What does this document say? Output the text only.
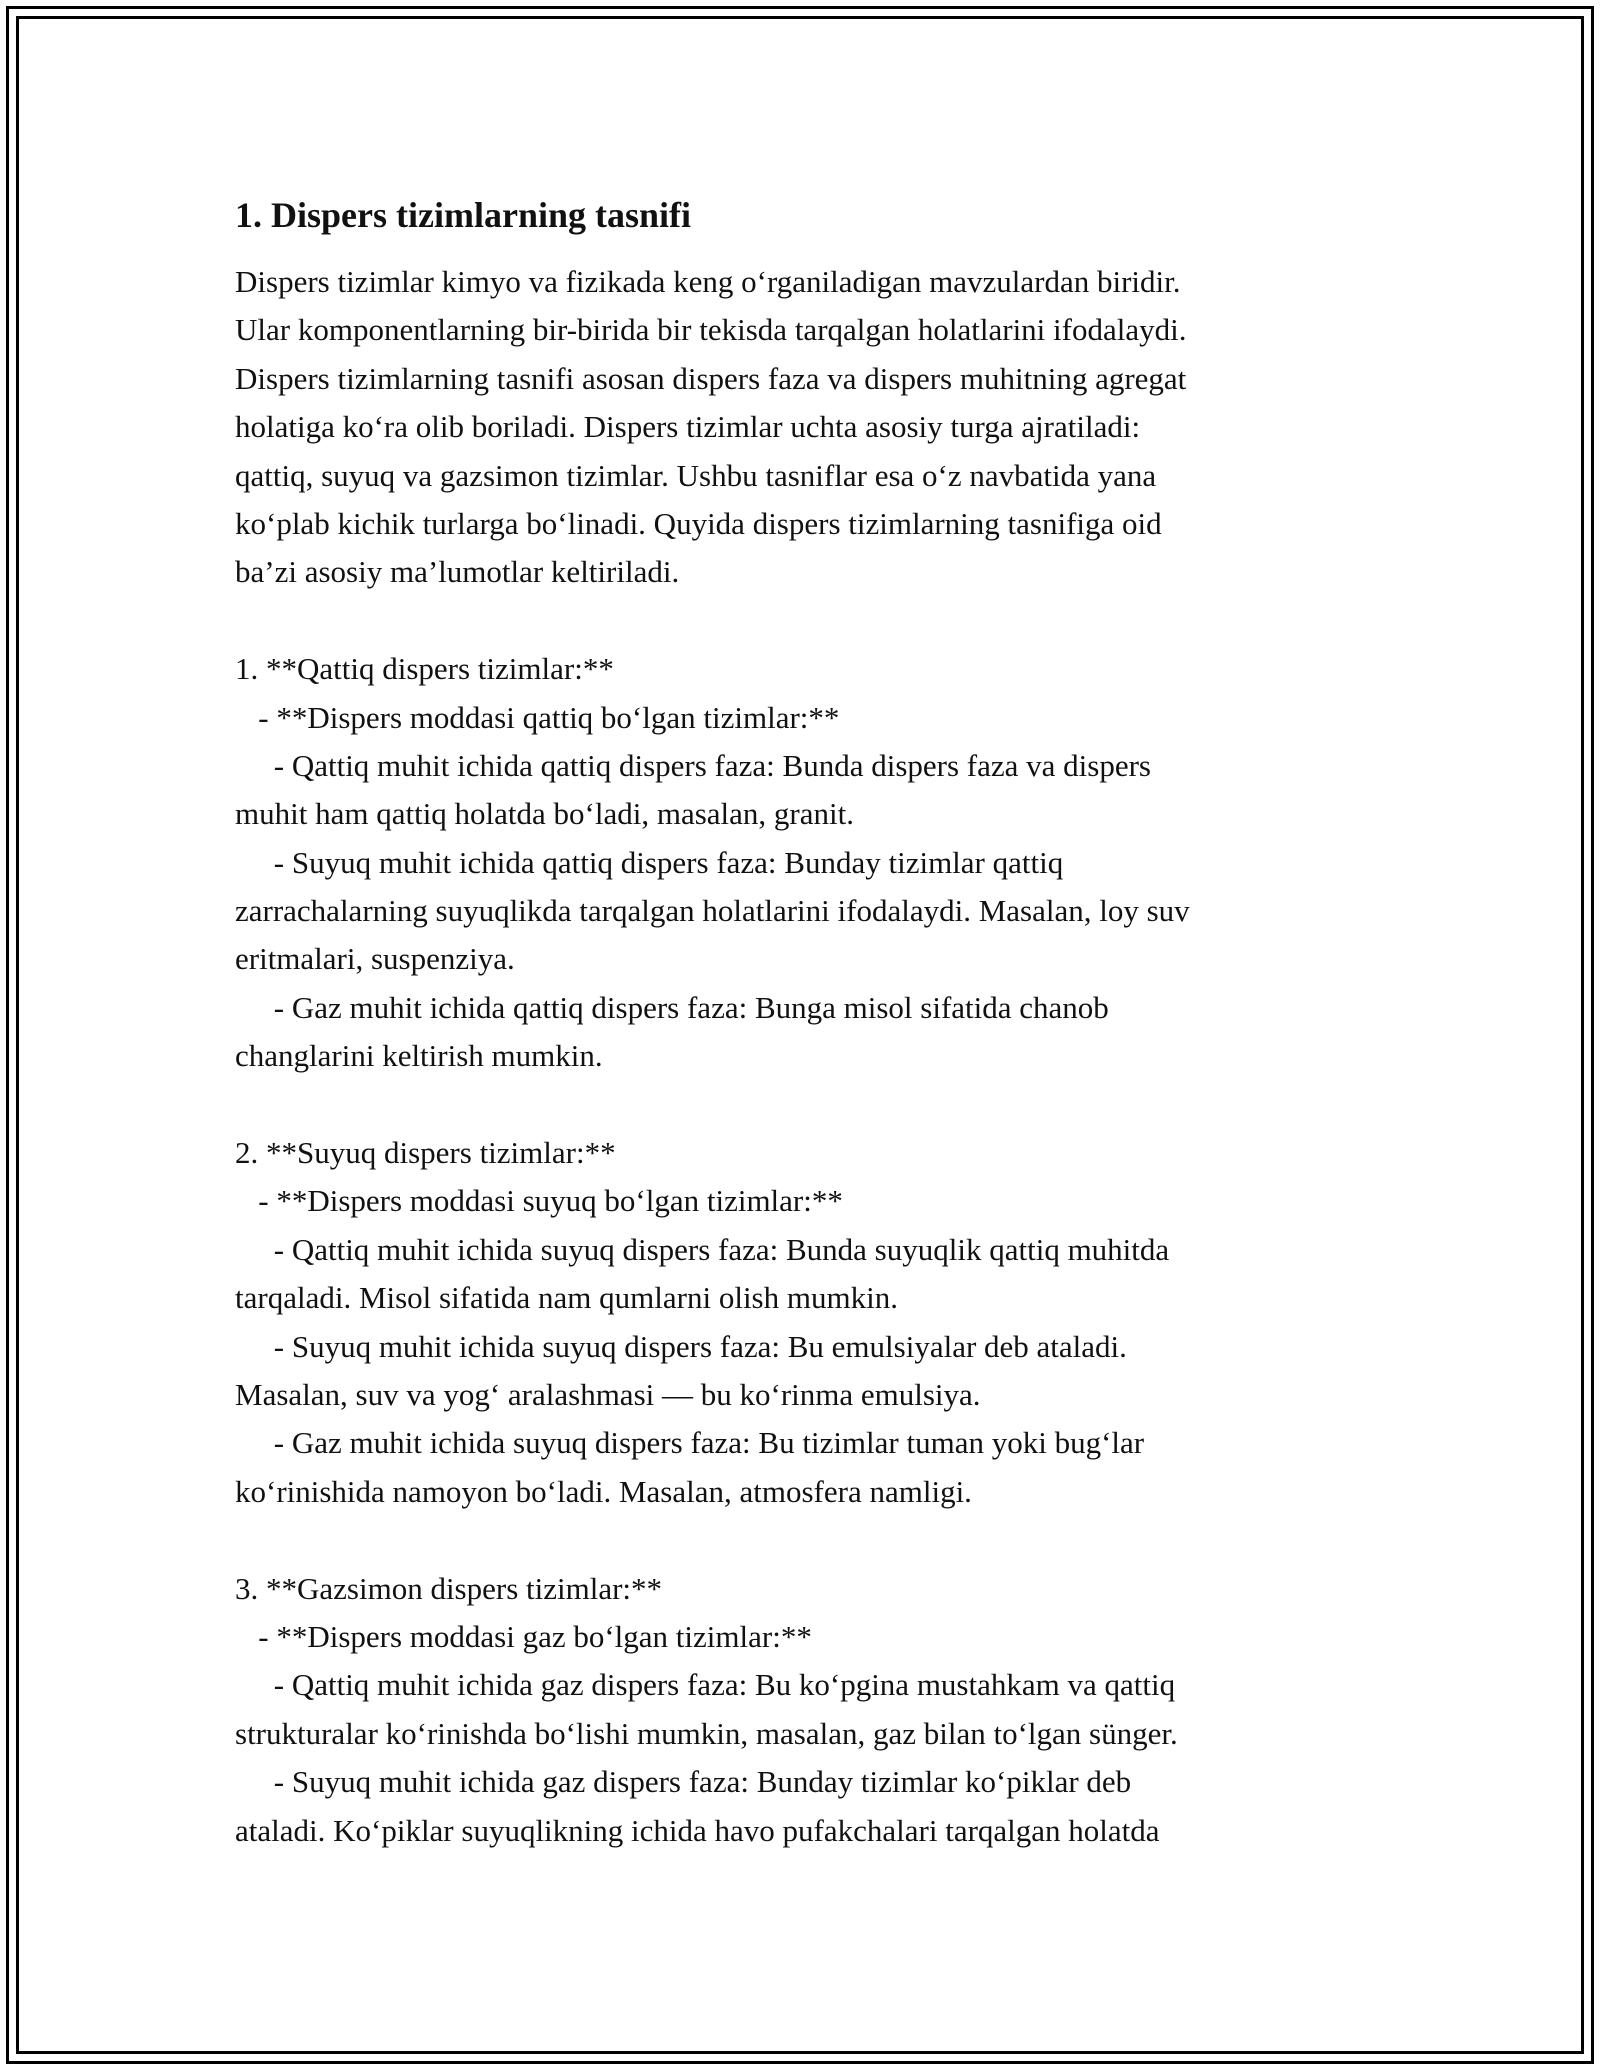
1. Dispers tizimlarning tasnifi
Dispers tizimlar kimyo va fizikada keng o‘rganiladigan mavzulardan biridir.
Ular komponentlarning bir-birida bir tekisda tarqalgan holatlarini ifodalaydi.
Dispers tizimlarning tasnifi asosan dispers faza va dispers muhitning agregat
holatiga ko‘ra olib boriladi. Dispers tizimlar uchta asosiy turga ajratiladi:
qattiq, suyuq va gazsimon tizimlar. Ushbu tasniflar esa o‘z navbatida yana
ko‘plab kichik turlarga bo‘linadi. Quyida dispers tizimlarning tasnifiga oid
ba’zi asosiy ma’lumotlar keltiriladi.
1. **Qattiq dispers tizimlar:**
- **Dispers moddasi qattiq bo‘lgan tizimlar:**
- Qattiq muhit ichida qattiq dispers faza: Bunda dispers faza va dispers
muhit ham qattiq holatda bo‘ladi, masalan, granit.
- Suyuq muhit ichida qattiq dispers faza: Bunday tizimlar qattiq
zarrachalarning suyuqlikda tarqalgan holatlarini ifodalaydi. Masalan, loy suv
eritmalari, suspenziya.
- Gaz muhit ichida qattiq dispers faza: Bunga misol sifatida chanob
changlarini keltirish mumkin.
2. **Suyuq dispers tizimlar:**
- **Dispers moddasi suyuq bo‘lgan tizimlar:**
- Qattiq muhit ichida suyuq dispers faza: Bunda suyuqlik qattiq muhitda
tarqaladi. Misol sifatida nam qumlarni olish mumkin.
- Suyuq muhit ichida suyuq dispers faza: Bu emulsiyalar deb ataladi.
Masalan, suv va yog‘ aralashmasi — bu ko‘rinma emulsiya.
- Gaz muhit ichida suyuq dispers faza: Bu tizimlar tuman yoki bug‘lar
ko‘rinishida namoyon bo‘ladi. Masalan, atmosfera namligi.
3. **Gazsimon dispers tizimlar:**
- **Dispers moddasi gaz bo‘lgan tizimlar:**
- Qattiq muhit ichida gaz dispers faza: Bu ko‘pgina mustahkam va qattiq
strukturalar ko‘rinishda bo‘lishi mumkin, masalan, gaz bilan to‘lgan sünger.
- Suyuq muhit ichida gaz dispers faza: Bunday tizimlar ko‘piklar deb
ataladi. Ko‘piklar suyuqlikning ichida havo pufakchalari tarqalgan holatda
